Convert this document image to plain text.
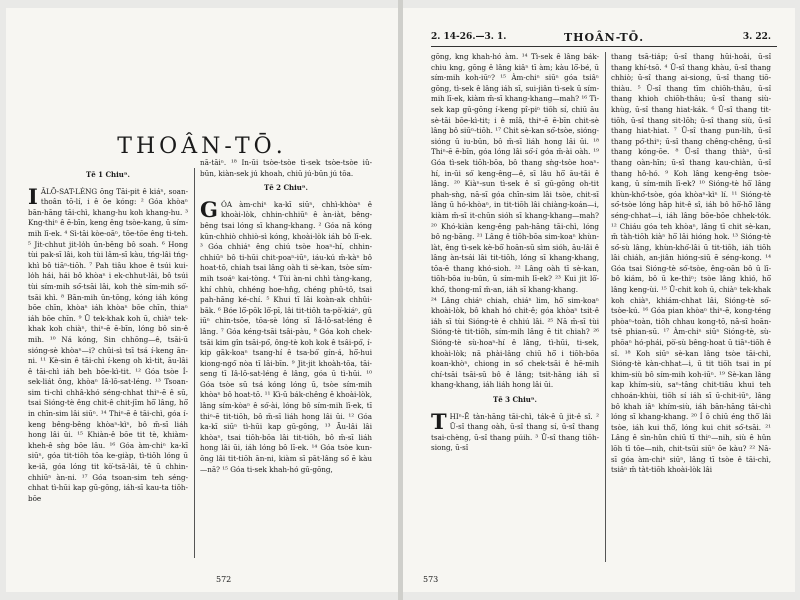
THOÂN-TŌ.
Tē 1 Chiuⁿ.

IÂLŌ-SAT-LÉNG ōng Tāi-pit ê kiáⁿ, soan-thoân tō-lí, i ê ōe kóng: ² Góa khòaⁿ bān-hāng tāi-chì, khang-hu koh khang-hu. ³ Kng-thiⁿ ê ē-bīn, keng êng tsòe-kang, ū sím-mih lī-ek. ⁴ Sì-tāi kòe-oāⁿ, tōe-tōe êng ti-teh. ⁵ Jit-chhut jit-lo̍h ūn-bêng bô soah. ⁶ Hong tùi pak-sī lâi, koh tùi lâm-sī kàu, tńg-lâi tńg-khì bô tiāⁿ-tiōh. ⁷ Pah tiâu khoe ê tsúi kui-lo̍h hái, hái bô khòaⁿ i ek-chhut-lâi, bô tsúi tùi sím-mih só͘-tsāi lâi, koh thè sím-mih só͘-tsāi khì. ⁸ Bān-mih ūn-tōng, kóng iáh kóng bōe chīn, khòaⁿ iáh khòaⁿ bōe chīn, thiaⁿ iáh bōe chīn. ⁹ Ū tek-khak koh ū, chiàⁿ tek-khak koh chiàⁿ, thiⁿ-ē ē-bīn, lóng bô sin-ê mih. ¹⁰ Ná kóng, Sin chhōng—ê, tsāi-ū sióng-sè khòaⁿ—i? chūi-sì tsī tsá í-keng ān-ni. ¹¹ Kè-sin ê tāi-chì í-keng oh kì-tit, āu-lâi ê tāi-chì iáh beh bōe-kì-tit. ¹² Góa tsòe Í-sek-liát ông, khòaⁿ Iâ-lō-sat-léng. ¹³ Tsoan-sim ti-chì chhâ-khó séng-chhat thiⁿ-ē ê sū, tsai Sióng-tè êng chit-ê chit-jīm hō͘ lâng, hō͘ in chīn-sim lâi siūⁿ. ¹⁴ Thiⁿ-ē ê tāi-chì, góa í-keng bêng-bêng khòaⁿ-kìⁿ, bô m̄-sī liáh hong lâi ūi. ¹⁵ Khiàn-ê bōe tit tè, khiàm-kheh-ê sǹg bōe lâu. ¹⁶ Góa àm-chiⁿ ka-kī siūⁿ, góa tit-tiōh tōa ke-giàp, tì-tiōh lóng ū ke-iā, góa lóng tit kò͘-tsā-lâi, tē ū chhin-chhiūⁿ àn-ni. ¹⁷ Góa tsoan-sim teh séng-chhat tì-hūi kap gū-gōng, iáh-sī kau-ta tiōh-bōe

nā-tāiⁿ. ¹⁸ In-ūi tsòe-tsòe tì-sek tsòe-tsòe iû-būn, kiàn-sek jú khoah, chiū jú-būn jú tōa.

Tē 2 Chiuⁿ.

GÓA àm-chiⁿ ka-kī siūⁿ, chhì-khòaⁿ ê khoài-lòk, chhin-chhiūⁿ ê àn-iàt, bêng-bêng tsai lóng sī khang-khang. ² Góa nā kóng kūn-chhiò chhiò-sì kóng, khoài-lòk iáh bô lī-ek. ³ Góa chhiáⁿ êng chiú tsòe hoaⁿ-hí, chhin-chhiūⁿ bô ti-hūi chit-poaⁿ-iūⁿ, iáu-kú m̄-kàⁿ bô hoat-tō, chiah tsai lâng oàh ti sè-kan, tsòe sím-mih tsoáⁿ kai-tòng. ⁴ Tùi àn-ni chhì tàng-kang, khí chhù, chhéng hoe-hn̂g, chéng phû-tô, tsai pah-hāng ké-chí. ⁵ Khui tī lāi koàn-ak chhûi-bāk. ⁶ Bóe lō͘-pōk lō͘-pī, lâi tit-tiōh ta-pò͘-kiáⁿ, gū iūⁿ chin-tsōe, tōa-sè lóng sī Iâ-lō-sat-léng ê lâng. ⁷ Góa kéng-tsāi tsâi-pàu, ⁸ Góa koh chek-tsāi kim gîn tsāi-pó͘, ông-tè koh kok ê tsâi-pó͘, í-kip gāk-koaⁿ tsang-hí ê tsa-bó͘ gín-á, hō͘-hui kiong-ngó͘ nòa tī lāi-bīn. ⁹ Jit-jit khoàh-tōa, tāi-seng tī Iâ-lō-sat-léng ê lâng, góa ū tì-hūi. ¹⁰ Góa tsòe sū tsá kóng lóng ū, tsòe sím-mih khòaⁿ bô hoat-tō. ¹¹ Kì-ū bák-chêng ê khoài-lòk, lâng sím-kòaⁿ ê só͘-ài, lóng bô sím-mih lī-ek, tī thiⁿ-ē tit-tiōh, bô m̄-sī liáh hong lâi ūi. ¹² Góa ka-kī siūⁿ tì-hūi kap gū-gōng, ¹³ Āu-lâi lâi khòaⁿ, tsai tiōh-bōa lâi tit-tiōh, bô m̄-sī liáh hong lâi ūi, iáh lóng bô lī-ek. ¹⁴ Góa tsòe kun-ōng lâi tit-tiōh ān-ni, kiàm sī pāt-lâng só͘ ē kàu—nā? ¹⁵ Góa ti-sek khah-hó gū-gōng,

572
2. 14-26.—3. 1.	THOÂN-TŌ.	3. 22.

gōng, kng khah-hó àm. ¹⁴ Tì-sek ê lâng bák-chiu kng, gōng ê lâng kiâⁿ tī àm; kàu lō͘-bé, ū sím-mih koh-iūⁿ? ¹⁵ Àm-chiⁿ siūⁿ góa tsiâⁿ gōng, tì-sek ê lâng iáh sī, sui-jiân tì-sek ū sím-mih lī-ek, kiàm m̄-sī khang-khang—mah? ¹⁶ Tì-sek kap gū-gōng í-keng pî-piⁿ tiōh sí, chiū āu sè-tāi bōe-kì-tit; i ê mîâ, thiⁿ-ē ē-bīn chit-sè lâng bô siūⁿ-tiōh. ¹⁷ Chit sè-kan só͘-tsòe, sióng-sióng ū iu-būn, bô m̄-sī liáh hong lâi ūi. ¹⁸ Thiⁿ-ē ē-bīn, góa lóng lâi só͘-í góa m̄-ài oàh. ¹⁹ Góa tì-sek tiōh-bōa, bô thang sǹg-tsòe hoaⁿ-hí, in-ūi só͘ keng-êng—ê, sī lâu hō͘ āu-tāi ê lâng. ²⁰ Kiàⁿ-sun tì-sek ê sī gū-gōng oh-tit phah-sǹg, nā-sī góa chīn-sim lâi tsòe, chit-sī lâng ū hó-khòaⁿ, in tit-tiōh lâi chiàng-koán—i, kiàm m̄-sī it-chūn sióh sī khang-khang—mah? ²⁰ Khó-kiàn keng-êng pah-hāng tāi-chì, lóng bô ng-bāng. ²¹ Lâng ê tiōh-bōa sim-koaⁿ khùn-làt, êng tì-sek kè-bō͘ hoān-sū sìm sióh, āu-lâi ê lâng àn-tsái lâi tit-tiōh, lóng sī khang-khang, tōa-ē thang khó-sioh. ²² Lâng oàh tī sè-kan, tiōh-bōa iu-būn, ū sím-mih lī-ek? ²³ Kui jit lō͘-khó͘, thong-mî m̄-an, iáh sī khang-khang.

²⁴ Lâng chiáⁿ chiah, chiáⁿ lim, hō͘ sim-koaⁿ khoài-lòk, bô khah hó chit-ê; góa khòaⁿ tsit-ê iáh sī tùi Sióng-tè ê chhiú lâi. ²⁵ Nā m̄-sī tùi Sióng-tè tit-tiōh, sím-mih lâng ē tit chiah? ²⁶ Sióng-tè sù-hoaⁿ-hí ê lâng, tì-hūi, ti-sek, khoài-lòk; nā phài-lâng chiū hō͘ i tiōh-bōa koan-khòⁿ, chiong in só͘ chek-tsāi ê hē-mih chí-tsāi tsāi-sū bô ê lâng; tsit-hāng iáh sī khang-khang, iáh liáh hong lâi ūi.

Tē 3 Chiuⁿ.

THIⁿ-Ē tàn-hāng tāi-chì, ták-ê ū jit-ê sî. ² Ū-sî thang oàh, ū-sî thang sí, ū-sî thang tsai-chèng, ū-sî thang púih. ³ Ū-sî thang tiōh-siong, ū-sî

thang tsā-tiáp; ū-sî thang hūi-hoâi, ū-sî thang khí-tsō. ⁴ Ū-sî thang khàu, ū-sî thang chhiò; ū-sî thang ai-siong, ū-sî thang tiō-thiàu. ⁵ Ū-sî thang tīm chiōh-thâu, ū-sî thang khioh chiōh-thâu; ū-sî thang siù-khùg, ū-sî thang hiat-kák. ⁶ Ū-sî thang tit-tiōh, ū-sî thang sit-lōh; ū-sî thang siù, ū-sî thang hiat-hiat. ⁷ Ū-sî thang pun-lih, ū-sî thang pó͘-thiⁿ; ū-sî thang chêng-chêng, ū-sî thang kóng-ōe. ⁸ Ū-sî thang thiàⁿ, ū-sî thang oàn-hīn; ū-sî thang kau-chiàn, ū-sî thang hô-hó. ⁹ Koh lâng keng-êng tsòe-kang, ū sím-mih lī-ek? ¹⁰ Sióng-tè hō͘ lâng khùn-khó͘-tsòe, góa khòaⁿ-kìⁿ lí. ¹¹ Sióng-tè só͘-tsòe lóng hāp hit-ê sî, iáh bô hō͘-hō͘ lâng séng-chhat—i, iáh lâng bōe-bōe chhek-tók. ¹² Chiáu góa teh khòaⁿ, lâng tī chit sè-kan, m̄ tàh-tiōh kiàⁿ hō͘ lâi hióng hok. ¹³ Sióng-tè só͘-sù lâng, khùn-khó͘-lâi ū tit-tiōh, iáh tiōh lâi chiáh, an-jiân hióng-siū ē séng-kong. ¹⁴ Góa tsai Sióng-tè só͘-tsòe, êng-oān bô ū lī-bô kiám, bô ū ke-thiⁿ; tsòe lâng khió, hō͘ lâng keng-ùi. ¹⁵ Ū-chit koh ū, chiàⁿ tek-khak koh chiàⁿ, khiám-chhat lâi, Sióng-tè só͘-tsòe-kú. ¹⁶ Góa pian khòaⁿ thiⁿ-ē, kong-téng phòaⁿ-toàn, tiōh chhau kong-tō, nā-sī hoān-tsē phian-sū. ¹⁷ Àm-chiⁿ siūⁿ Sióng-tè, sù-phōaⁿ hó-phái, pò͘-sù bêng-hoat ū tiāⁿ-tiōh ê sî. ¹⁸ Koh siūⁿ sè-kan lâng tsòe tāi-chì, Sióng-tè kàn-chhat—i, ū tit tiōh tsai in pí khim-siù bô sím-mih koh-iūⁿ. ¹⁹ Sè-kan lâng kap khím-siù, saⁿ-tâng chit-tiâu khui teh chhoán-khùi, tiōh sí iáh sī ū-chit-iūⁿ, lâng bô khah iâⁿ khím-siù, iáh bān-hāng tāi-chì lóng sī khang-khang. ²⁰ Í ō chiū éng thô͘ lâi tsòe, iáh kui thô͘, lóng kui chit só͘-tsāi. ²¹ Lâng ê sìn-hûn chiū tī thiⁿ—nih, siù ê hûn lōh tī tōe—nih, chit-tsūi siūⁿ ōe kàu? ²² Nā-sī góa àm-chiⁿ siūⁿ, lâng tī tsòe ê tāi-chì, tsiâⁿ m̄ tàt-tiōh khoài-lòk lâi

573
